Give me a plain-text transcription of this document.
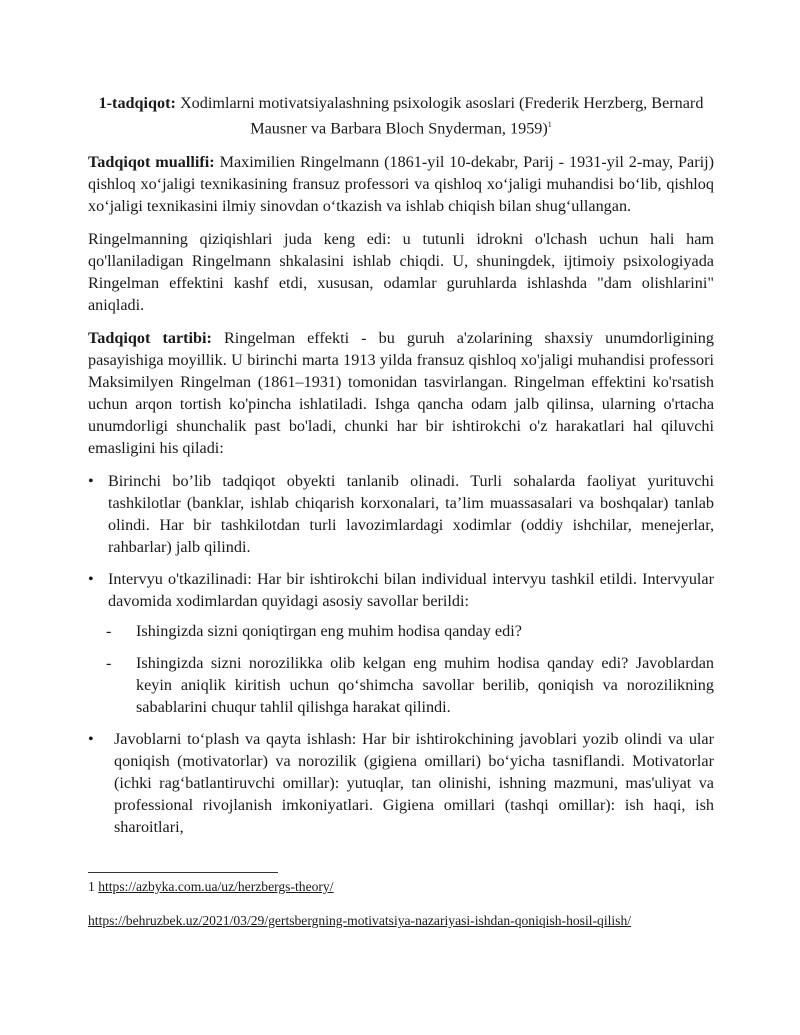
1-tadqiqot: Xodimlarni motivatsiyalashning psixologik asoslari (Frederik Herzberg, Bernard Mausner va Barbara Bloch Snyderman, 1959)$^1$

Tadqiqot muallifi: Maximilien Ringelmann (1861-yil 10-dekabr, Parij - 1931-yil 2-may, Parij) qishloq xoʻjaligi texnikasining fransuz professori va qishloq xoʻjaligi muhandisi boʻlib, qishloq xoʻjaligi texnikasini ilmiy sinovdan oʻtkazish va ishlab chiqish bilan shugʻullangan.

Ringelmanning qiziqishlari juda keng edi: u tutunli idrokni o'lchash uchun hali ham qo'llaniladigan Ringelmann shkalasini ishlab chiqdi. U, shuningdek, ijtimoiy psixologiyada Ringelman effektini kashf etdi, xususan, odamlar guruhlarda ishlashda "dam olishlarini" aniqladi.

Tadqiqot tartibi: Ringelman effekti - bu guruh a'zolarining shaxsiy unumdorligining pasayishiga moyillik. U birinchi marta 1913 yilda fransuz qishloq xo'jaligi muhandisi professori Maksimilyen Ringelman (1861–1931) tomonidan tasvirlangan. Ringelman effektini ko'rsatish uchun arqon tortish ko'pincha ishlatiladi. Ishga qancha odam jalb qilinsa, ularning o'rtacha unumdorligi shunchalik past bo'ladi, chunki har bir ishtirokchi o'z harakatlari hal qiluvchi emasligini his qiladi:

• Birinchi bo’lib tadqiqot obyekti tanlanib olinadi. Turli sohalarda faoliyat yurituvchi tashkilotlar (banklar, ishlab chiqarish korxonalari, ta’lim muassasalari va boshqalar) tanlab olindi. Har bir tashkilotdan turli lavozimlardagi xodimlar (oddiy ishchilar, menejerlar, rahbarlar) jalb qilindi.
• Intervyu o'tkazilinadi: Har bir ishtirokchi bilan individual intervyu tashkil etildi. Intervyular davomida xodimlardan quyidagi asosiy savollar berildi:
- Ishingizda sizni qoniqtirgan eng muhim hodisa qanday edi?
- Ishingizda sizni norozilikka olib kelgan eng muhim hodisa qanday edi? Javoblardan keyin aniqlik kiritish uchun qoʻshimcha savollar berilib, qoniqish va norozilikning sabablarini chuqur tahlil qilishga harakat qilindi.
• Javoblarni toʻplash va qayta ishlash: Har bir ishtirokchining javoblari yozib olindi va ular qoniqish (motivatorlar) va norozilik (gigiena omillari) boʻyicha tasniflandi. Motivatorlar (ichki ragʻbatlantiruvchi omillar): yutuqlar, tan olinishi, ishning mazmuni, mas'uliyat va professional rivojlanish imkoniyatlari. Gigiena omillari (tashqi omillar): ish haqi, ish sharoitlari,
1 https://azbyka.com.ua/uz/herzbergs-theory/
https://behruzbek.uz/2021/03/29/gertsbergning-motivatsiya-nazariyasi-ishdan-qoniqish-hosil-qilish/
